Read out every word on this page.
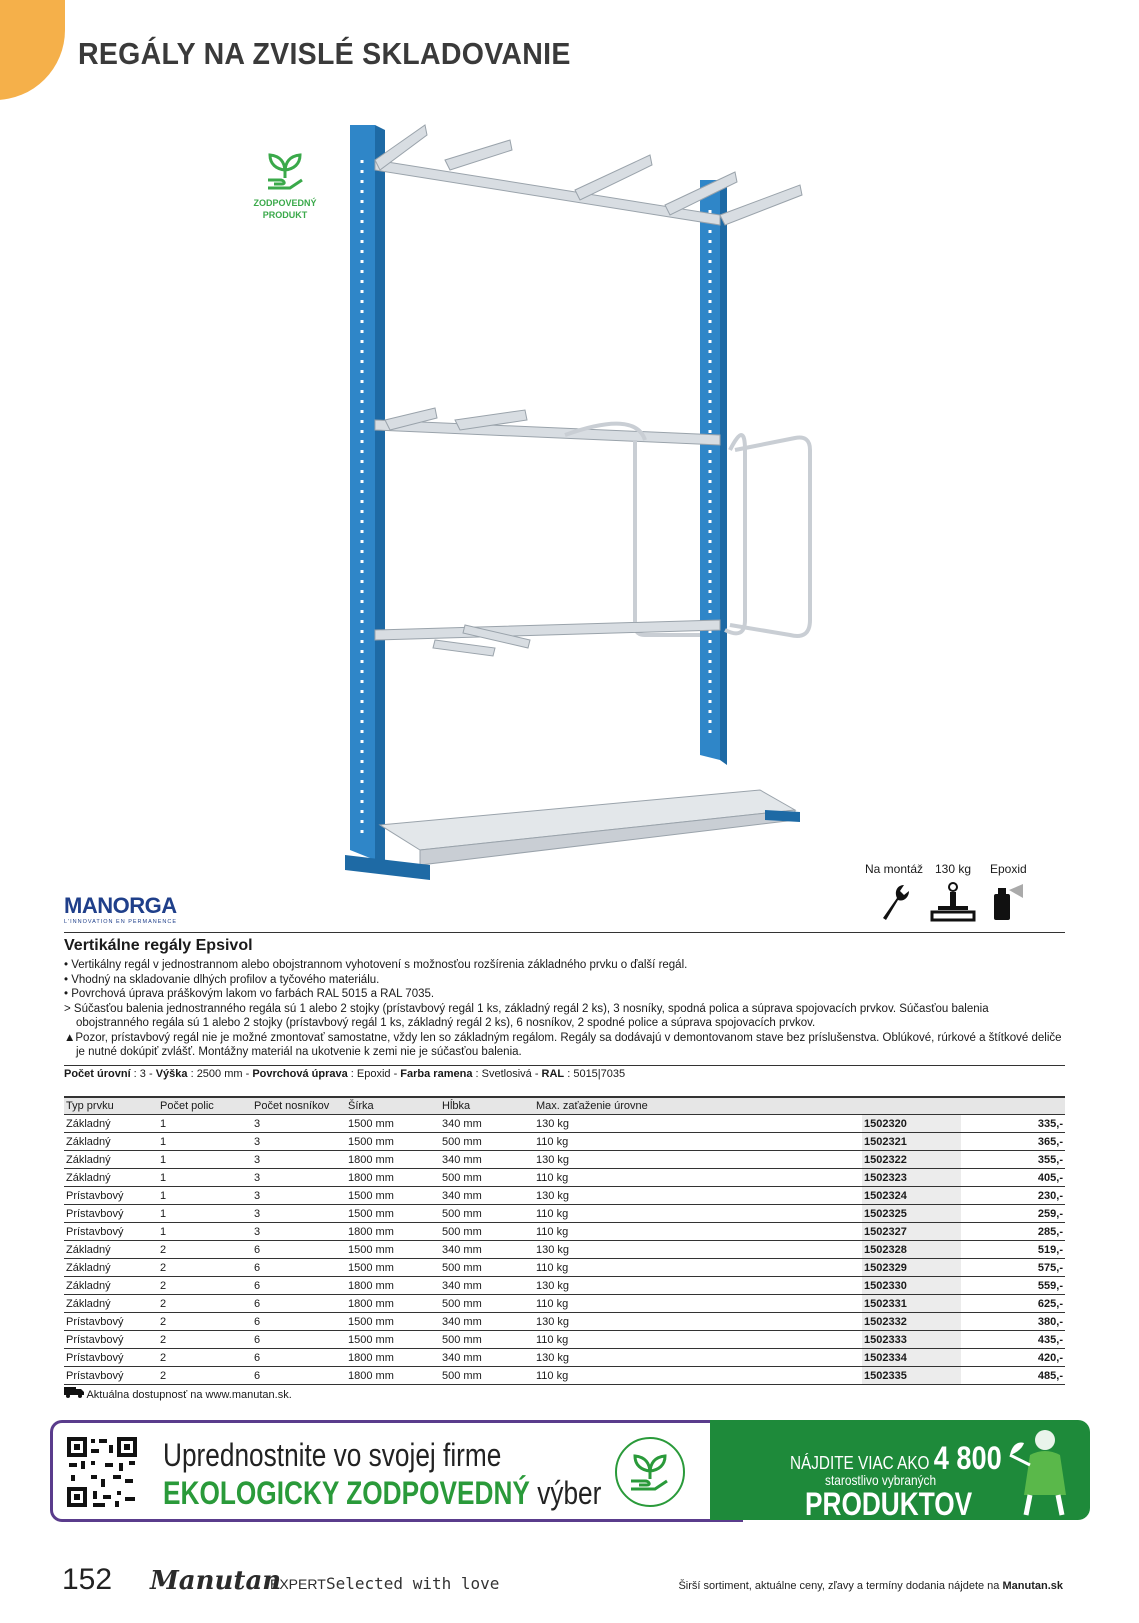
REGÁLY NA ZVISLÉ SKLADOVANIE
ZODPOVEDNÝ
PRODUKT
MANORGA
L'INNOVATION EN PERMANENCE
Na montáž 130 kg	Epoxid
Vertikálne regály Epsivol
• Vertikálny regál v jednostrannom alebo obojstrannom vyhotovení s možnosťou rozšírenia základného prvku o ďalší regál.
• Vhodný na skladovanie dlhých profilov a tyčového materiálu.
• Povrchová úprava práškovým lakom vo farbách RAL 5015 a RAL 7035.
> Súčasťou balenia jednostranného regála sú 1 alebo 2 stojky (prístavbový regál 1 ks, základný regál 2 ks), 3 nosníky, spodná polica a súprava spojovacích prvkov. Súčasťou balenia obojstranného regála sú 1 alebo 2 stojky (prístavbový regál 1 ks, základný regál 2 ks), 6 nosníkov, 2 spodné police a súprava spojovacích prvkov.
▲Pozor, prístavbový regál nie je možné zmontovať samostatne, vždy len so základným regálom. Regály sa dodávajú v demontovanom stave bez príslušenstva. Oblúkové, rúrkové a štítkové deliče je nutné dokúpiť zvlášť. Montážny materiál na ukotvenie k zemi nie je súčasťou balenia.
Počet úrovní : 3 - Výška : 2500 mm - Povrchová úprava : Epoxid - Farba ramena : Svetlosivá - RAL : 5015|7035
Typ prvku	Počet polic	Počet nosníkov	Šírka	Hĺbka	Max. zaťaženie úrovne		
Základný	1	3	1500 mm	340 mm	130 kg	1502320	335,-
Základný	1	3	1500 mm	500 mm	110 kg	1502321	365,-
Základný	1	3	1800 mm	340 mm	130 kg	1502322	355,-
Základný	1	3	1800 mm	500 mm	110 kg	1502323	405,-
Prístavbový	1	3	1500 mm	340 mm	130 kg	1502324	230,-
Prístavbový	1	3	1500 mm	500 mm	110 kg	1502325	259,-
Prístavbový	1	3	1800 mm	500 mm	110 kg	1502327	285,-
Základný	2	6	1500 mm	340 mm	130 kg	1502328	519,-
Základný	2	6	1500 mm	500 mm	110 kg	1502329	575,-
Základný	2	6	1800 mm	340 mm	130 kg	1502330	559,-
Základný	2	6	1800 mm	500 mm	110 kg	1502331	625,-
Prístavbový	2	6	1500 mm	340 mm	130 kg	1502332	380,-
Prístavbový	2	6	1500 mm	500 mm	110 kg	1502333	435,-
Prístavbový	2	6	1800 mm	340 mm	130 kg	1502334	420,-
Prístavbový	2	6	1800 mm	500 mm	110 kg	1502335	485,-
Aktuálna dostupnosť na www.manutan.sk.
Uprednostnite vo svojej firme
EKOLOGICKY ZODPOVEDNÝ výber
NÁJDITE VIAC AKO 4 800
starostlivo vybraných
PRODUKTOV
152 Manutan
EXPERT Selected with love	Širší sortiment, aktuálne ceny, zľavy a termíny dodania nájdete na Manutan.sk
